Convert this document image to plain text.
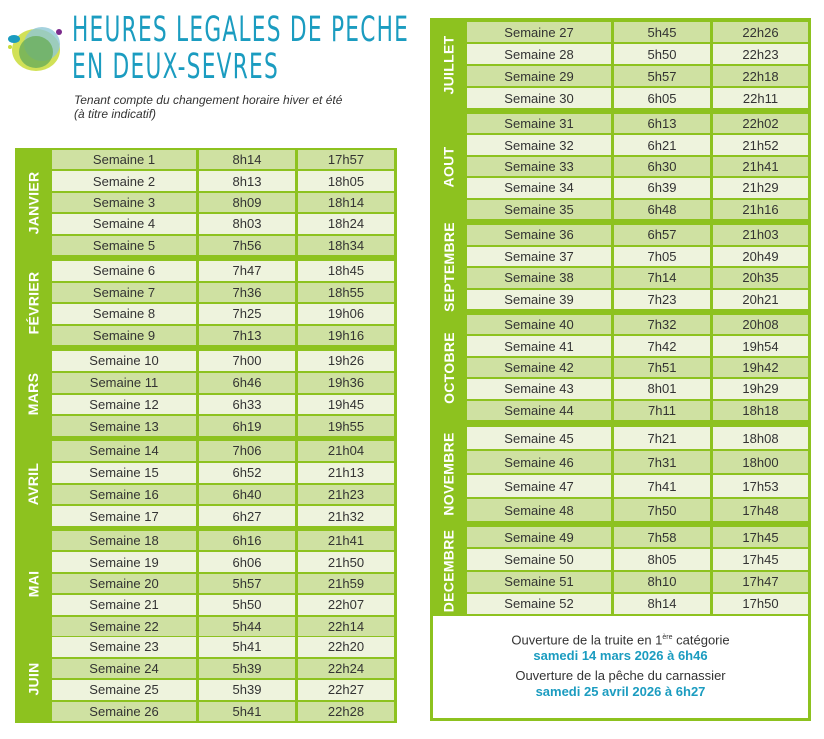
HEURES LEGALES DE PECHE
EN DEUX-SEVRES
Tenant compte du changement horaire hiver et été
(à titre indicatif)
JANVIER
Semaine 1	8h14	17h57
Semaine 2	8h13	18h05
Semaine 3	8h09	18h14
Semaine 4	8h03	18h24
Semaine 5	7h56	18h34
FÉVRIER
Semaine 6	7h47	18h45
Semaine 7	7h36	18h55
Semaine 8	7h25	19h06
Semaine 9	7h13	19h16
MARS
Semaine 10	7h00	19h26
Semaine 11	6h46	19h36
Semaine 12	6h33	19h45
Semaine 13	6h19	19h55
AVRIL
Semaine 14	7h06	21h04
Semaine 15	6h52	21h13
Semaine 16	6h40	21h23
Semaine 17	6h27	21h32
MAI
Semaine 18	6h16	21h41
Semaine 19	6h06	21h50
Semaine 20	5h57	21h59
Semaine 21	5h50	22h07
Semaine 22	5h44	22h14
JUIN
Semaine 23	5h41	22h20
Semaine 24	5h39	22h24
Semaine 25	5h39	22h27
Semaine 26	5h41	22h28
Ouverture de la truite en 1ère catégorie
samedi 14 mars 2026 à 6h46
Ouverture de la pêche du carnassier
samedi 25 avril 2026 à 6h27
JUILLET
Semaine 27	5h45	22h26
Semaine 28	5h50	22h23
Semaine 29	5h57	22h18
Semaine 30	6h05	22h11
AOUT
Semaine 31	6h13	22h02
Semaine 32	6h21	21h52
Semaine 33	6h30	21h41
Semaine 34	6h39	21h29
Semaine 35	6h48	21h16
SEPTEMBRE	Semaine 36	6h57	21h03
Semaine 37	7h05	20h49
Semaine 38	7h14	20h35
Semaine 39	7h23	20h21
OCTOBRE
Semaine 40	7h32	20h08
Semaine 41	7h42	19h54
Semaine 42	7h51	19h42
Semaine 43	8h01	19h29
Semaine 44	7h11	18h18
NOVEMBRE	Semaine 45	7h21	18h08
Semaine 46	7h31	18h00
Semaine 47	7h41	17h53
Semaine 48	7h50	17h48
DECEMBRE	Semaine 49	7h58	17h45
Semaine 50	8h05	17h45
Semaine 51	8h10	17h47
Semaine 52	8h14	17h50
